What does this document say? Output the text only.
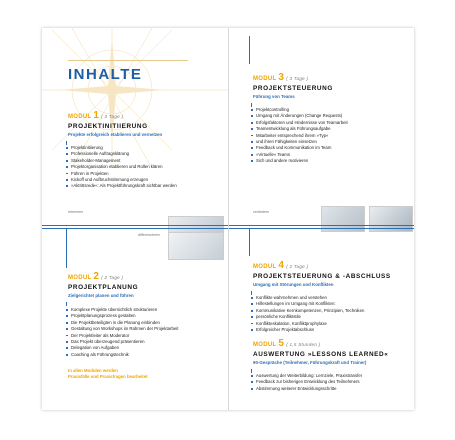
INHALTE
MODUL 1 ( 3 Tage )
PROJEKTINITIIERUNG
Projekte erfolgreich etablieren und vernetzen
Projektinitiierung
Professionelle Auftragsklärung
Stakeholder-Management
Projektorganisation etablieren und Rollen klären
Führen in Projekten
Kickoff und Aufbruchstimmung erzeugen
»Aktrittsrede«: Als Projektführungskraft sichtbar werden
erkennen
differenzieren
MODUL 2 ( 2 Tage )
PROJEKTPLANUNG
Zielgerichtet planen und führen
Komplexe Projekte übersichtlich strukturieren
Projektplanungsprozess gestalten
Die Projektbeteiligten in die Planung einbinden
Gestaltung von Workshops im Rahmen der Projektarbeit
Der Projektleiter als Moderator
Das Projekt überzeugend präsentieren
Delegation von Aufgaben
Coaching als Führungstechnik
In allen Modulen werden
Praxisfälle und Praxisfragen bearbeitet
MODUL 3 ( 3 Tage )
PROJEKTSTEUERUNG
Führung von Teams
Projektcontrolling
Umgang mit Änderungen (Change Requests)
Erfolgsfaktoren und Hindernisse von Teamarbeit
Teamentwicklung als Führungsaufgabe
Mitarbeiter entsprechend ihrem »Typ«
und ihren Fähigkeiten einsetzen
Feedback und Kommunikation im Team
»Virtuelle« Teams
Sich und andere motivieren
verändern
MODUL 4 ( 2 Tage )
PROJEKTSTEUERUNG & -ABSCHLUSS
Umgang mit Störungen und Konflikten
Konflikte wahrnehmen und verstehen
Hilfestellungen im Umgang mit Konflikten:
Kommunikative Kernkompetenzen, Prinzipien, Techniken
persönliche Konfliktstile
Konflikteskalation, Konfliktprophylaxe
Erfolgreicher Projektabschluss
MODUL 5 ( 1,5 Stunden )
AUSWERTUNG »LESSONS LEARNED«
90-Gespräche (Teilnehmer, Führungskraft und Trainer)
Auswertung der Weiterbildung: Lernziele, Praxistransfer
Feedback zur bisherigen Entwicklung des Teilnehmers
Abstimmung weiterer Entwicklungsschritte
